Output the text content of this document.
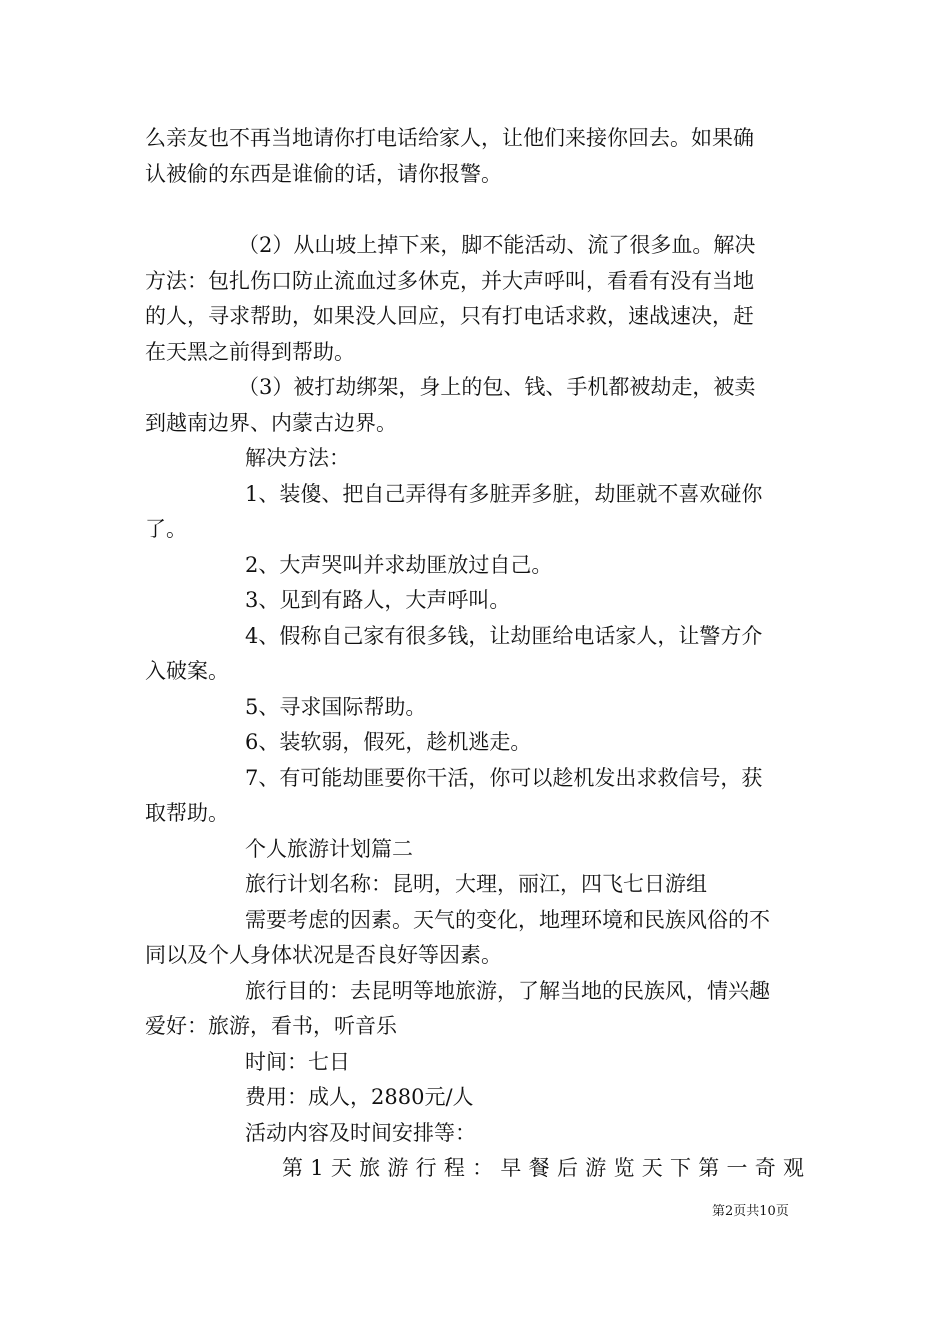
么亲友也不再当地请你打电话给家人，让他们来接你回去。如果确
认被偷的东西是谁偷的话，请你报警。
（2）从山坡上掉下来，脚不能活动、流了很多血。解决
方法：包扎伤口防止流血过多休克，并大声呼叫，看看有没有当地
的人，寻求帮助，如果没人回应，只有打电话求救，速战速决，赶
在天黑之前得到帮助。
（3）被打劫绑架，身上的包、钱、手机都被劫走，被卖
到越南边界、内蒙古边界。
解决方法：
1、装傻、把自己弄得有多脏弄多脏，劫匪就不喜欢碰你
了。
2、大声哭叫并求劫匪放过自己。
3、见到有路人，大声呼叫。
4、假称自己家有很多钱，让劫匪给电话家人，让警方介
入破案。
5、寻求国际帮助。
6、装软弱，假死，趁机逃走。
7、有可能劫匪要你干活，你可以趁机发出求救信号，获
取帮助。
个人旅游计划篇二
旅行计划名称：昆明，大理，丽江，四飞七日游组
需要考虑的因素。天气的变化，地理环境和民族风俗的不
同以及个人身体状况是否良好等因素。
旅行目的：去昆明等地旅游，了解当地的民族风，情兴趣
爱好：旅游，看书，听音乐
时间：七日
费用：成人，2880元/人
活动内容及时间安排等：
第1天旅游行程：早餐后游览天下第一奇观
第2页共10页
